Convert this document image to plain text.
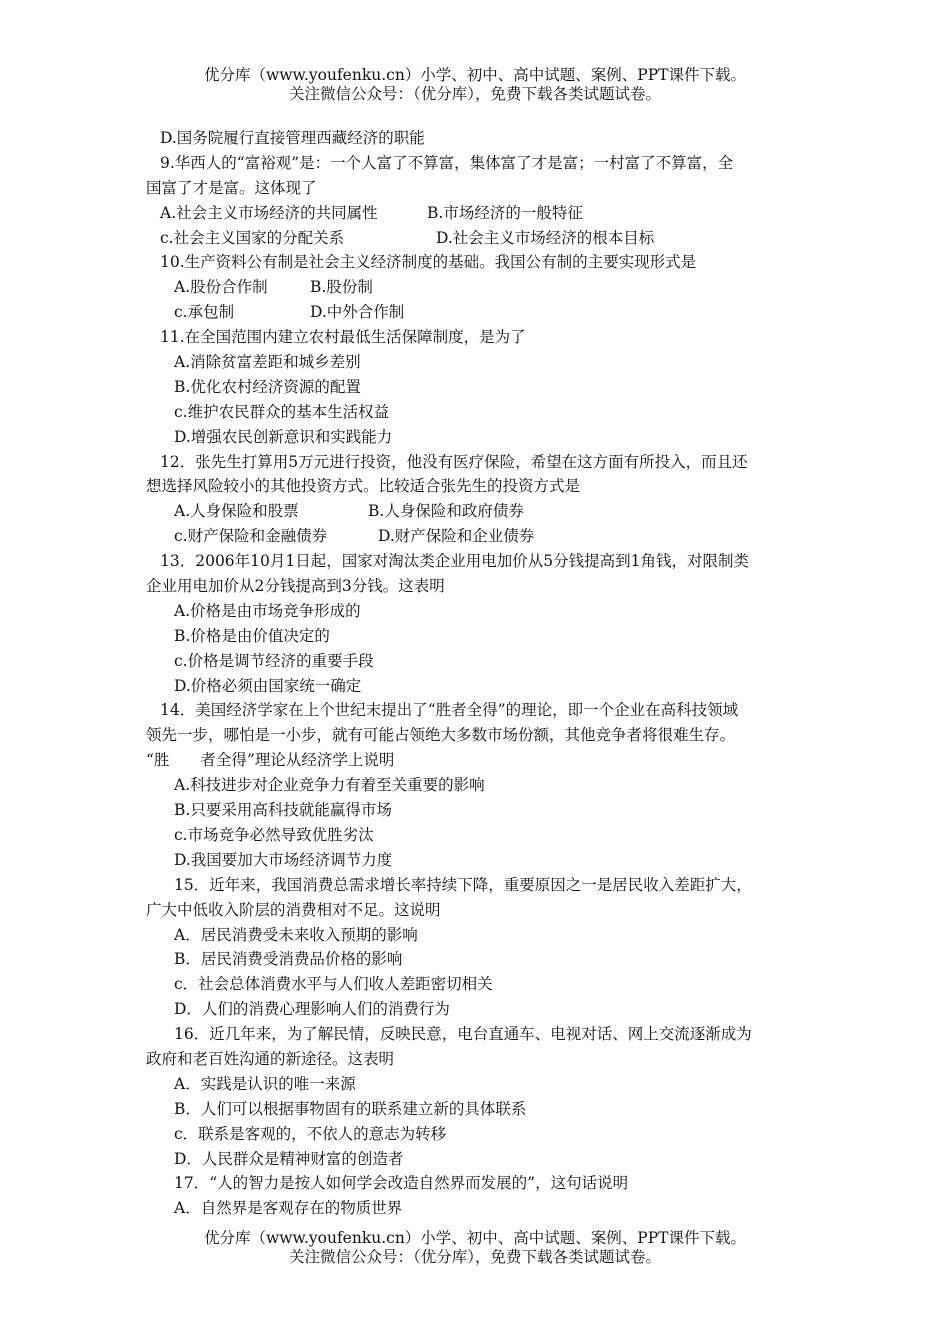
优分库（www.youfenku.cn）小学、初中、高中试题、案例、PPT课件下载。
关注微信公众号：（优分库），免费下载各类试题试卷。
D.国务院履行直接管理西藏经济的职能
9.华西人的“富裕观”是：一个人富了不算富，集体富了才是富；一村富了不算富，全
国富了才是富。这体现了
A.社会主义市场经济的共同属性	B.市场经济的一般特征
c.社会主义国家的分配关系	D.社会主义市场经济的根本目标
10.生产资料公有制是社会主义经济制度的基础。我国公有制的主要实现形式是
A.股份合作制	B.股份制
c.承包制	D.中外合作制
11.在全国范围内建立农村最低生活保障制度，是为了
A.消除贫富差距和城乡差别
B.优化农村经济资源的配置
c.维护农民群众的基本生活权益
D.增强农民创新意识和实践能力
12．张先生打算用5万元进行投资，他没有医疗保险，希望在这方面有所投入，而且还
想选择风险较小的其他投资方式。比较适合张先生的投资方式是
A.人身保险和股票	B.人身保险和政府债券
c.财产保险和金融债券	D.财产保险和企业债券
13．2006年10月1日起，国家对淘汰类企业用电加价从5分钱提高到1角钱，对限制类
企业用电加价从2分钱提高到3分钱。这表明
A.价格是由市场竞争形成的
B.价格是由价值决定的
c.价格是调节经济的重要手段
D.价格必须由国家统一确定
14．美国经济学家在上个世纪末提出了“胜者全得”的理论，即一个企业在高科技领域
领先一步，哪怕是一小步，就有可能占领绝大多数市场份额，其他竞争者将很难生存。
“胜　　者全得”理论从经济学上说明
A.科技进步对企业竞争力有着至关重要的影响
B.只要采用高科技就能赢得市场
c.市场竞争必然导致优胜劣汰
D.我国要加大市场经济调节力度
15．近年来，我国消费总需求增长率持续下降，重要原因之一是居民收入差距扩大，
广大中低收入阶层的消费相对不足。这说明
A．居民消费受未来收入预期的影响
B．居民消费受消费品价格的影响
c．社会总体消费水平与人们收人差距密切相关
D．人们的消费心理影响人们的消费行为
16．近几年来，为了解民情，反映民意，电台直通车、电视对话、网上交流逐渐成为
政府和老百姓沟通的新途径。这表明
A．实践是认识的唯一来源
B．人们可以根据事物固有的联系建立新的具体联系
c．联系是客观的，不依人的意志为转移
D．人民群众是精神财富的创造者
17．“人的智力是按人如何学会改造自然界而发展的”，这句话说明
A．自然界是客观存在的物质世界
优分库（www.youfenku.cn）小学、初中、高中试题、案例、PPT课件下载。
关注微信公众号：（优分库），免费下载各类试题试卷。
